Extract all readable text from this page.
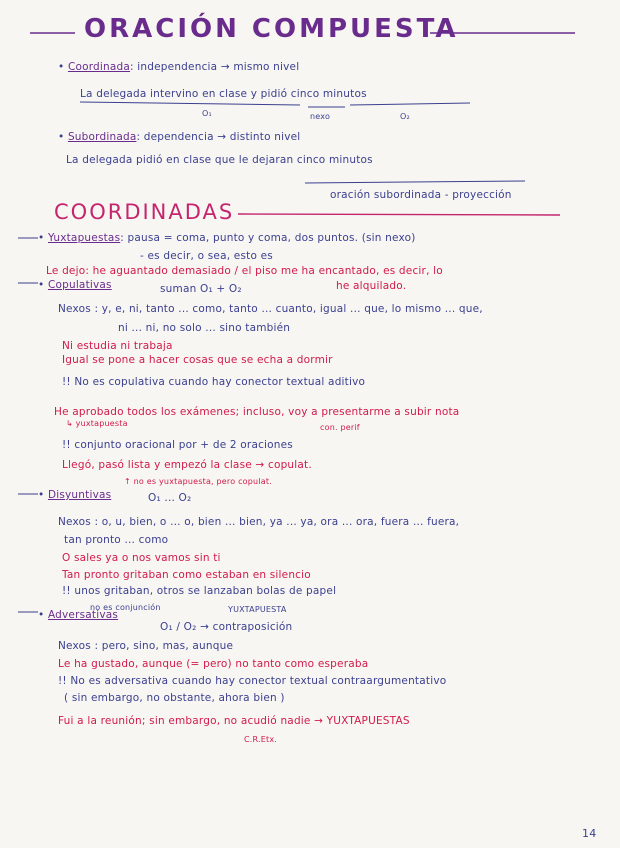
ORACIÓN COMPUESTA
• Coordinada: independencia → mismo nivel
La delegada intervino en clase y pidió cinco minutos
O₁	nexo	O₂
• Subordinada: dependencia → distinto nivel
La delegada pidió en clase que le dejaran cinco minutos
oración subordinada - proyección
COORDINADAS
• Yuxtapuestas: pausa = coma, punto y coma, dos puntos. (sin nexo)
- es decir, o sea, esto es
Le dejo: he aguantado demasiado / el piso me ha encantado, es decir, lo
he alquilado.
• Copulativas	suman O₁ + O₂
Nexos : y, e, ni, tanto ... como, tanto ... cuanto, igual ... que, lo mismo ... que,
ni ... ni, no solo ... sino también
Ni estudia ni trabaja
Igual se pone a hacer cosas que se echa a dormir
!! No es copulativa cuando hay conector textual aditivo
He aprobado todos los exámenes; incluso, voy a presentarme a subir nota
↳ yuxtapuesta	con. perif
!! conjunto oracional por + de 2 oraciones
Llegó, pasó lista y empezó la clase → copulat.
↑ no es yuxtapuesta, pero copulat.
• Disyuntivas	O₁ ... O₂
Nexos : o, u, bien, o ... o, bien ... bien, ya ... ya, ora ... ora, fuera ... fuera,
tan pronto ... como
O sales ya o nos vamos sin ti
Tan pronto gritaban como estaban en silencio
!! unos gritaban, otros se lanzaban bolas de papel
no es conjunción	YUXTAPUESTA
• Adversativas
O₁ / O₂ → contraposición
Nexos : pero, sino, mas, aunque
Le ha gustado, aunque (= pero) no tanto como esperaba
!! No es adversativa cuando hay conector textual contraargumentativo
( sin embargo, no obstante, ahora bien )
Fui a la reunión; sin embargo, no acudió nadie → YUXTAPUESTAS
C.R.Etx.
14
